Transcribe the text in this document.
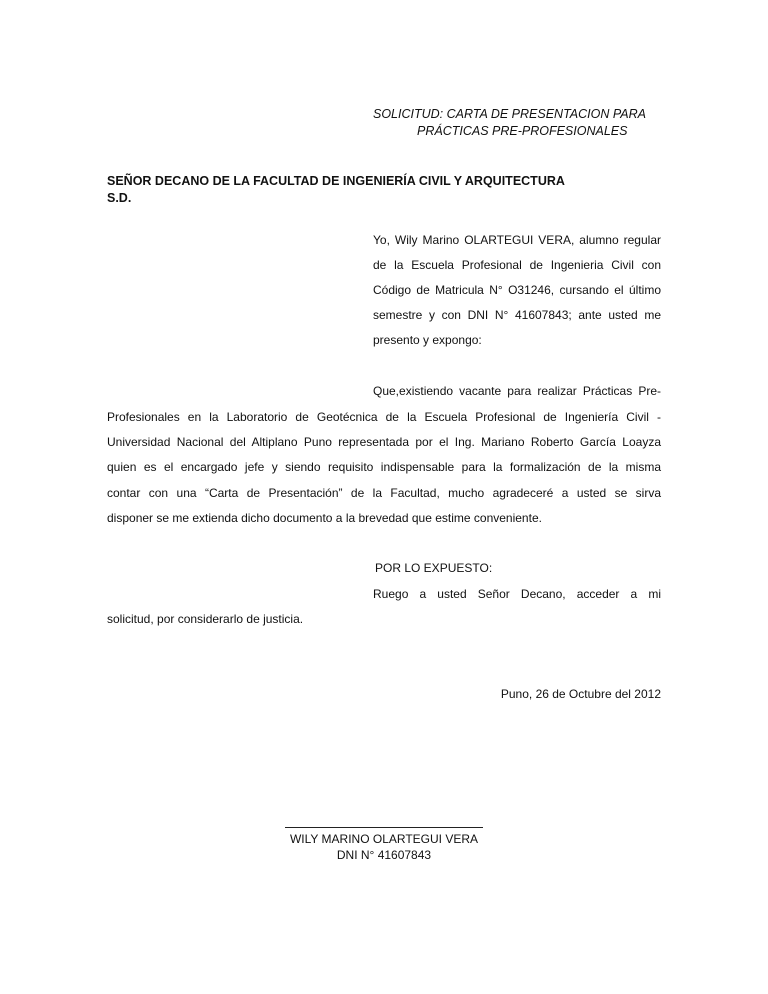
SOLICITUD: CARTA DE PRESENTACION PARA
PRÁCTICAS PRE-PROFESIONALES
SEÑOR DECANO DE LA FACULTAD DE INGENIERÍA CIVIL Y ARQUITECTURA
S.D.
Yo, Wily Marino OLARTEGUI VERA, alumno regular
de la Escuela Profesional de Ingenieria Civil con
Código de Matricula N° O31246, cursando el último
semestre y con DNI N° 41607843; ante usted me
presento y expongo:
Que,existiendo vacante para realizar Prácticas Pre-
Profesionales en la Laboratorio de Geotécnica de la Escuela Profesional de Ingeniería Civil -
Universidad Nacional del Altiplano Puno representada por el Ing. Mariano Roberto García Loayza
quien es el encargado jefe y siendo requisito indispensable para la formalización de la misma
contar con una “Carta de Presentación” de la Facultad, mucho agradeceré a usted se sirva
disponer se me extienda dicho documento a la brevedad que estime conveniente.
POR LO EXPUESTO:
Ruego a usted Señor Decano, acceder a mi
solicitud, por considerarlo de justicia.
Puno, 26 de Octubre del 2012
WILY MARINO OLARTEGUI VERA
DNI N° 41607843
